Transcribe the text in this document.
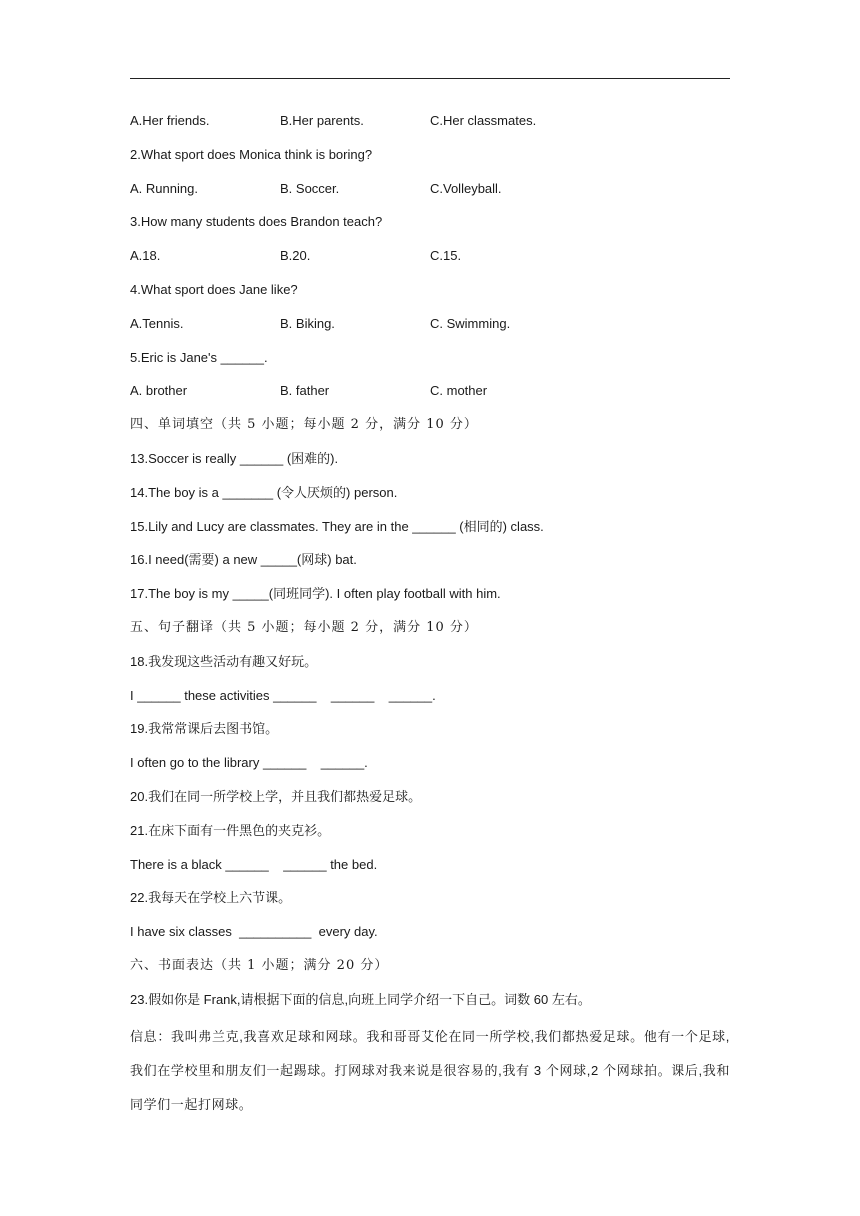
A.Her friends.	B.Her parents.	C.Her classmates.
2.What sport does Monica think is boring?
A. Running.	B. Soccer.	C.Volleyball.
3.How many students does Brandon teach?
A.18.	B.20.	C.15.
4.What sport does Jane like?
A.Tennis.	B. Biking.	C. Swimming.
5.Eric is Jane's ______.
A. brother	B. father	C. mother
四、单词填空（共 5 小题；每小题 2 分，满分 10 分）
13.Soccer is really ______ (困难的).
14.The boy is a _______ (令人厌烦的) person.
15.Lily and Lucy are classmates. They are in the ______ (相同的) class.
16.I need(需要) a new _____(网球) bat.
17.The boy is my _____(同班同学). I often play football with him.
五、句子翻译（共 5 小题；每小题 2 分，满分 10 分）
18.我发现这些活动有趣又好玩。
I ______ these activities ______    ______    ______.
19.我常常课后去图书馆。
I often go to the library ______    ______.
20.我们在同一所学校上学，并且我们都热爱足球。
21.在床下面有一件黑色的夹克衫。
There is a black ______    ______ the bed.
22.我每天在学校上六节课。
I have six classes  __________  every day.
六、书面表达（共 1 小题；满分 20 分）
23.假如你是 Frank,请根据下面的信息,向班上同学介绍一下自己。词数 60 左右。
信息：我叫弗兰克,我喜欢足球和网球。我和哥哥艾伦在同一所学校,我们都热爱足球。他有一个足球,我们在学校里和朋友们一起踢球。打网球对我来说是很容易的,我有 3 个网球,2 个网球拍。课后,我和同学们一起打网球。
